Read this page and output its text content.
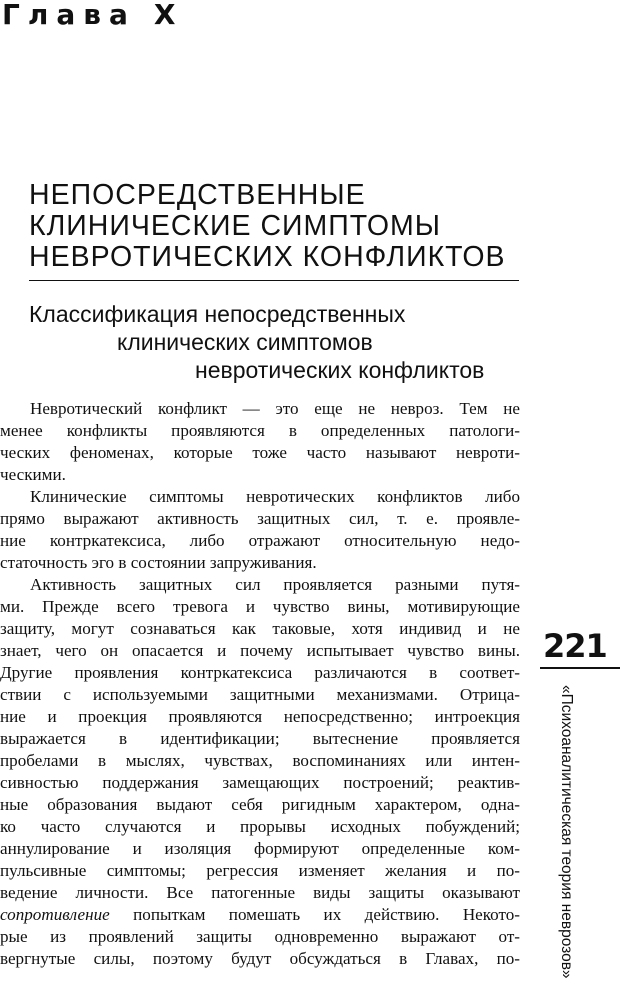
Глава X
НЕПОСРЕДСТВЕННЫЕ
КЛИНИЧЕСКИЕ СИМПТОМЫ
НЕВРОТИЧЕСКИХ КОНФЛИКТОВ
Классификация непосредственных
клинических симптомов
невротических конфликтов

Невротический конфликт — это еще не невроз. Тем не
менее конфликты проявляются в определенных патологи-
ческих феноменах, которые тоже часто называют невроти-
ческими.

Клинические симптомы невротических конфликтов либо
прямо выражают активность защитных сил, т. е. проявле-
ние контркатексиса, либо отражают относительную недо-
статочность эго в состоянии запруживания.

Активность защитных сил проявляется разными путя-
ми. Прежде всего тревога и чувство вины, мотивирующие
защиту, могут сознаваться как таковые, хотя индивид и не
знает, чего он опасается и почему испытывает чувство вины.
Другие проявления контркатексиса различаются в соответ-
ствии с используемыми защитными механизмами. Отрица-
ние и проекция проявляются непосредственно; интроекция
выражается в идентификации; вытеснение проявляется
пробелами в мыслях, чувствах, воспоминаниях или интен-
сивностью поддержания замещающих построений; реактив-
ные образования выдают себя ригидным характером, одна-
ко часто случаются и прорывы исходных побуждений;
аннулирование и изоляция формируют определенные ком-
пульсивные симптомы; регрессия изменяет желания и по-
ведение личности. Все патогенные виды защиты оказывают
сопротивление попыткам помешать их действию. Некото-
рые из проявлений защиты одновременно выражают от-
вергнутые силы, поэтому будут обсуждаться в Главах, по-

221
«Психоаналитическая теория неврозов»
